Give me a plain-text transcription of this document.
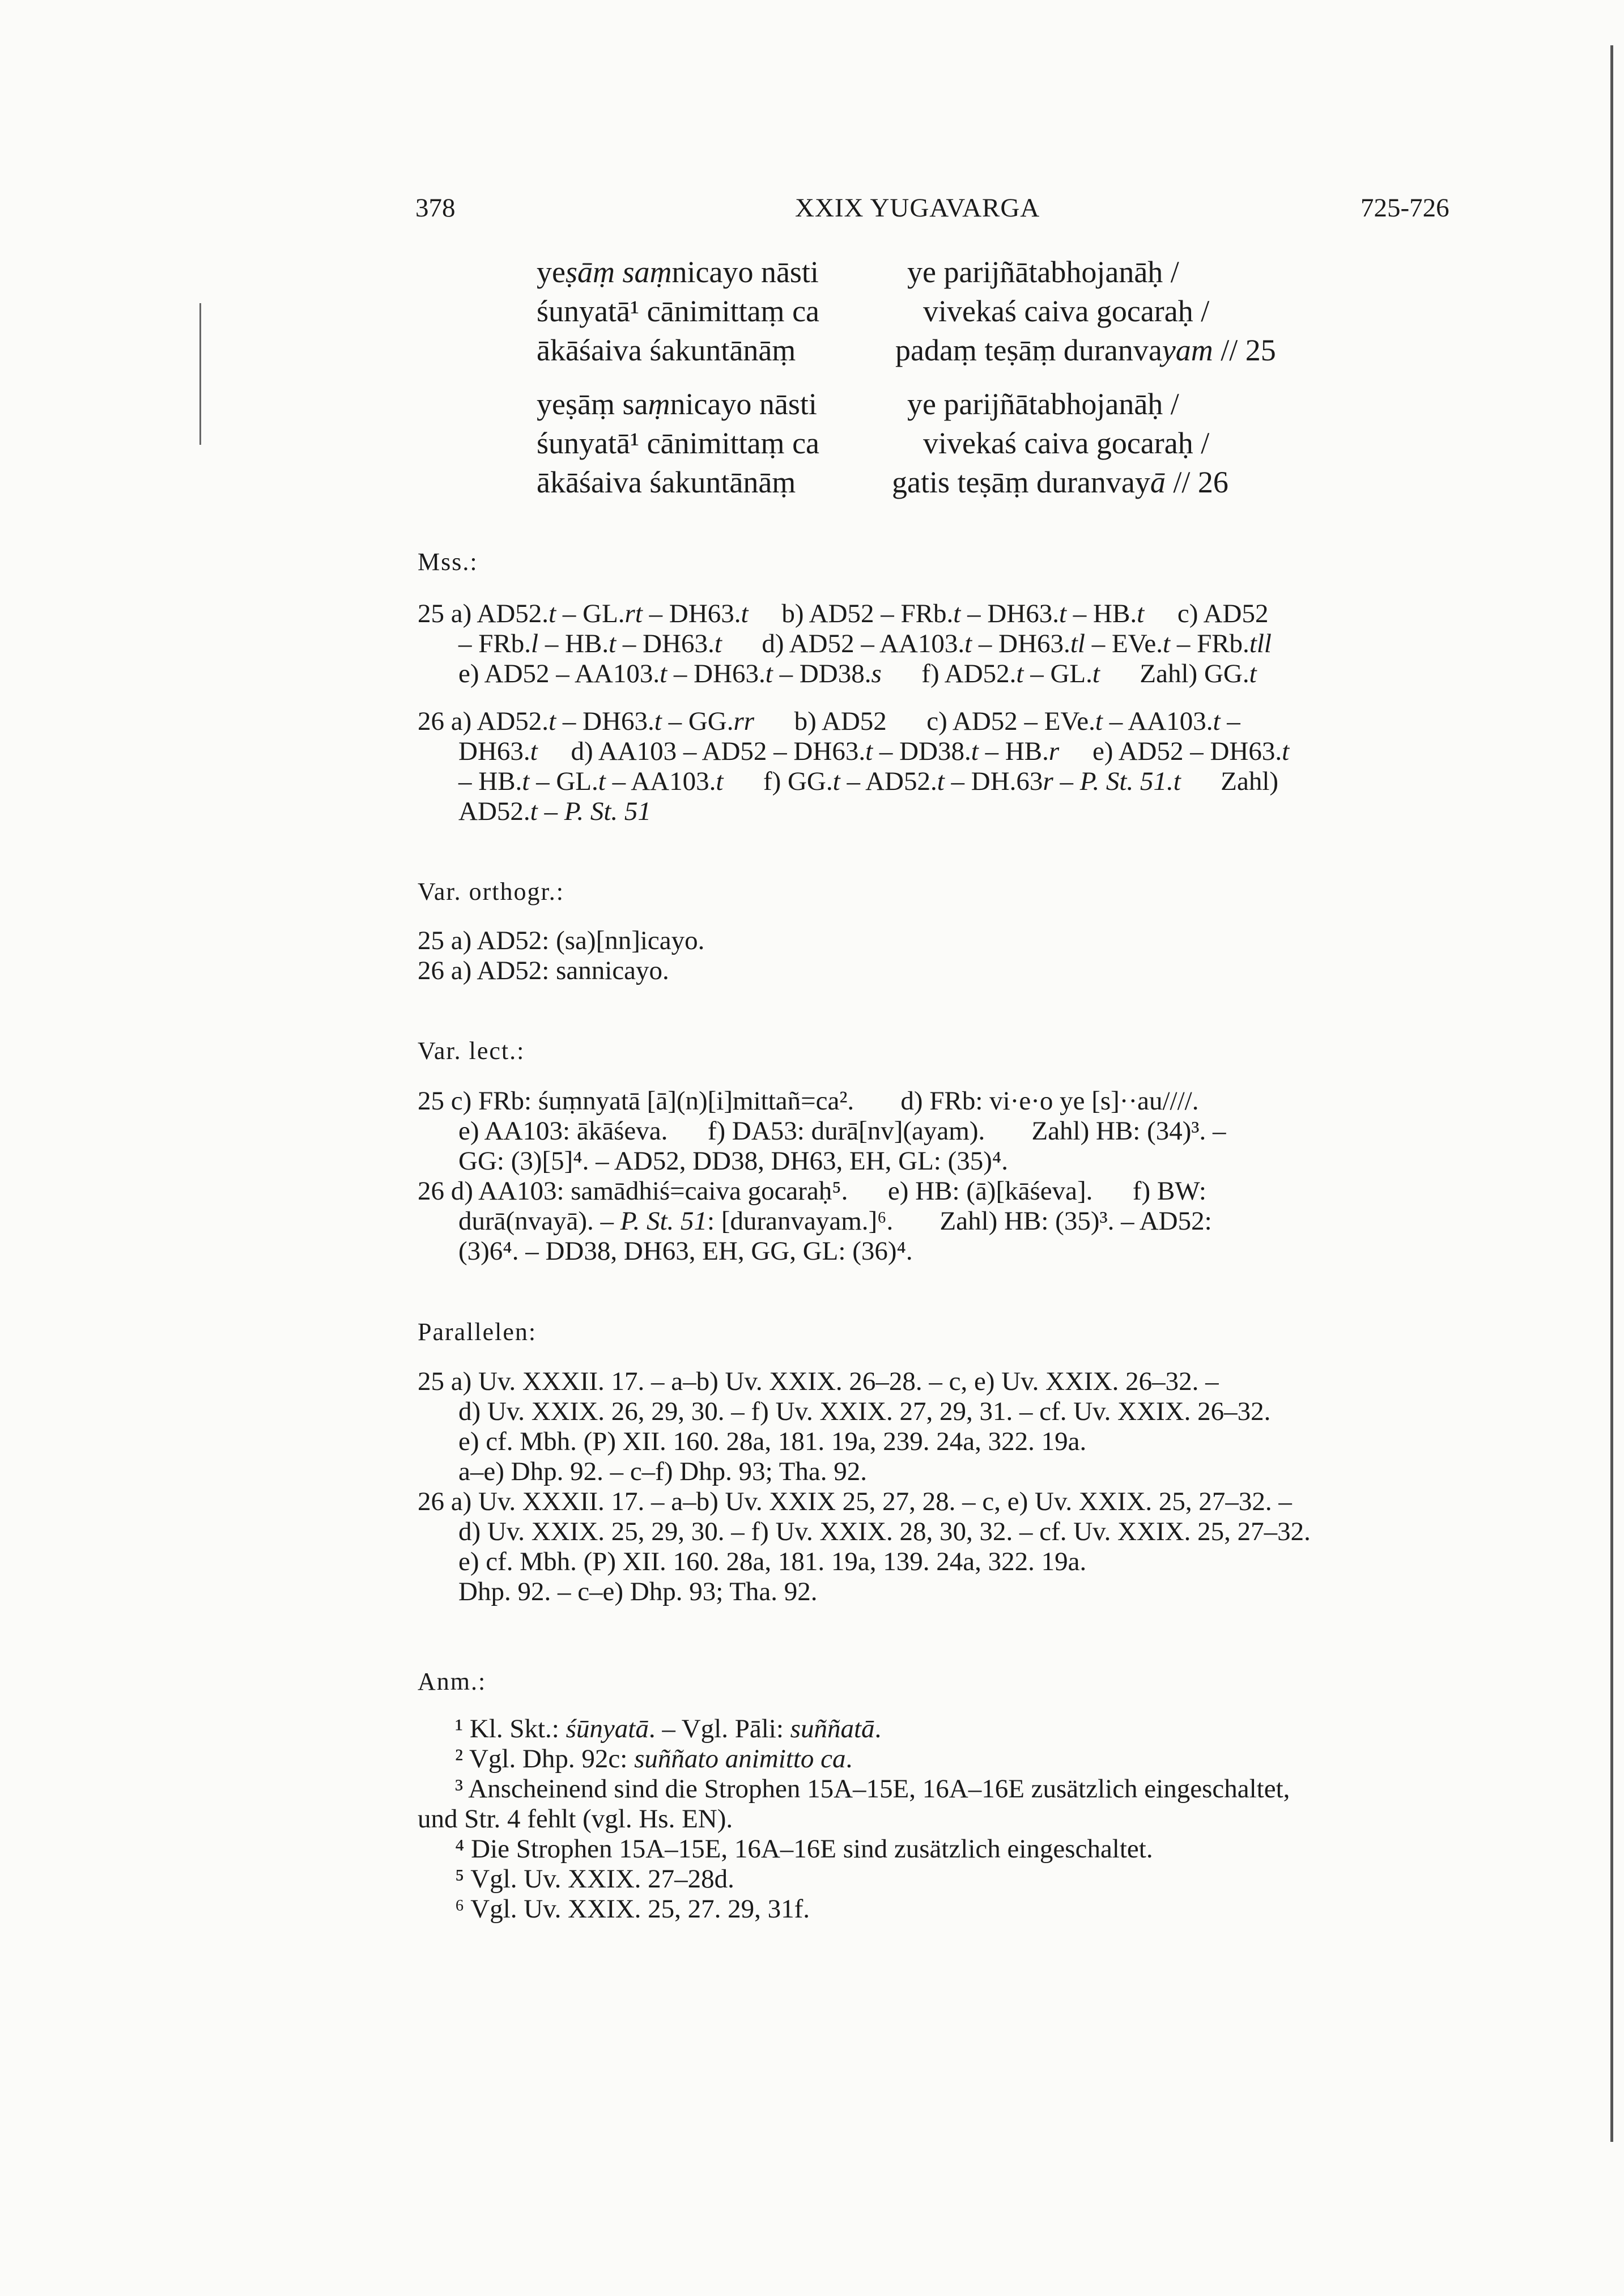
378	XXIX YUGAVARGA	725-726
yeṣāṃ saṃnicayo nāsti	ye parijñātabhojanāḥ /
śunyatā¹ cānimittaṃ ca	vivekaś caiva gocaraḥ /
ākāśaiva śakuntānāṃ	padaṃ teṣāṃ duranvayam // 25
yeṣāṃ saṃnicayo nāsti	ye parijñātabhojanāḥ /
śunyatā¹ cānimittaṃ ca	vivekaś caiva gocaraḥ /
ākāśaiva śakuntānāṃ	gatis teṣāṃ duranvayā // 26
Mss.:
25 a) AD52.t – GL.rt – DH63.t     b) AD52 – FRb.t – DH63.t – HB.t     c) AD52
– FRb.l – HB.t – DH63.t      d) AD52 – AA103.t – DH63.tl – EVe.t – FRb.tll
e) AD52 – AA103.t – DH63.t – DD38.s      f) AD52.t – GL.t      Zahl) GG.t
26 a) AD52.t – DH63.t – GG.rr      b) AD52      c) AD52 – EVe.t – AA103.t –
DH63.t     d) AA103 – AD52 – DH63.t – DD38.t – HB.r     e) AD52 – DH63.t
– HB.t – GL.t – AA103.t      f) GG.t – AD52.t – DH.63r – P. St. 51.t      Zahl)
AD52.t – P. St. 51
Var. orthogr.:
25 a) AD52: (sa)[nn]icayo.
26 a) AD52: sannicayo.
Var. lect.:
25 c) FRb: śuṃnyatā [ā](n)[i]mittañ=ca².       d) FRb: vi·e·o ye [s]··au////.
e) AA103: ākāśeva.      f) DA53: durā[nv](ayam).       Zahl) HB: (34)³. –
GG: (3)[5]⁴. – AD52, DD38, DH63, EH, GL: (35)⁴.
26 d) AA103: samādhiś=caiva gocaraḥ⁵.      e) HB: (ā)[kāśeva].      f) BW:
durā(nvayā). – P. St. 51: [duranvayam.]⁶.       Zahl) HB: (35)³. – AD52:
(3)6⁴. – DD38, DH63, EH, GG, GL: (36)⁴.
Parallelen:
25 a) Uv. XXXII. 17. – a–b) Uv. XXIX. 26–28. – c, e) Uv. XXIX. 26–32. –
d) Uv. XXIX. 26, 29, 30. – f) Uv. XXIX. 27, 29, 31. – cf. Uv. XXIX. 26–32.
e) cf. Mbh. (P) XII. 160. 28a, 181. 19a, 239. 24a, 322. 19a.
a–e) Dhp. 92. – c–f) Dhp. 93; Tha. 92.
26 a) Uv. XXXII. 17. – a–b) Uv. XXIX 25, 27, 28. – c, e) Uv. XXIX. 25, 27–32. –
d) Uv. XXIX. 25, 29, 30. – f) Uv. XXIX. 28, 30, 32. – cf. Uv. XXIX. 25, 27–32.
e) cf. Mbh. (P) XII. 160. 28a, 181. 19a, 139. 24a, 322. 19a.
Dhp. 92. – c–e) Dhp. 93; Tha. 92.
Anm.:
¹ Kl. Skt.: śūnyatā. – Vgl. Pāli: suññatā.
² Vgl. Dhp. 92c: suññato animitto ca.
³ Anscheinend sind die Strophen 15A–15E, 16A–16E zusätzlich eingeschaltet,
und Str. 4 fehlt (vgl. Hs. EN).
⁴ Die Strophen 15A–15E, 16A–16E sind zusätzlich eingeschaltet.
⁵ Vgl. Uv. XXIX. 27–28d.
⁶ Vgl. Uv. XXIX. 25, 27. 29, 31f.
